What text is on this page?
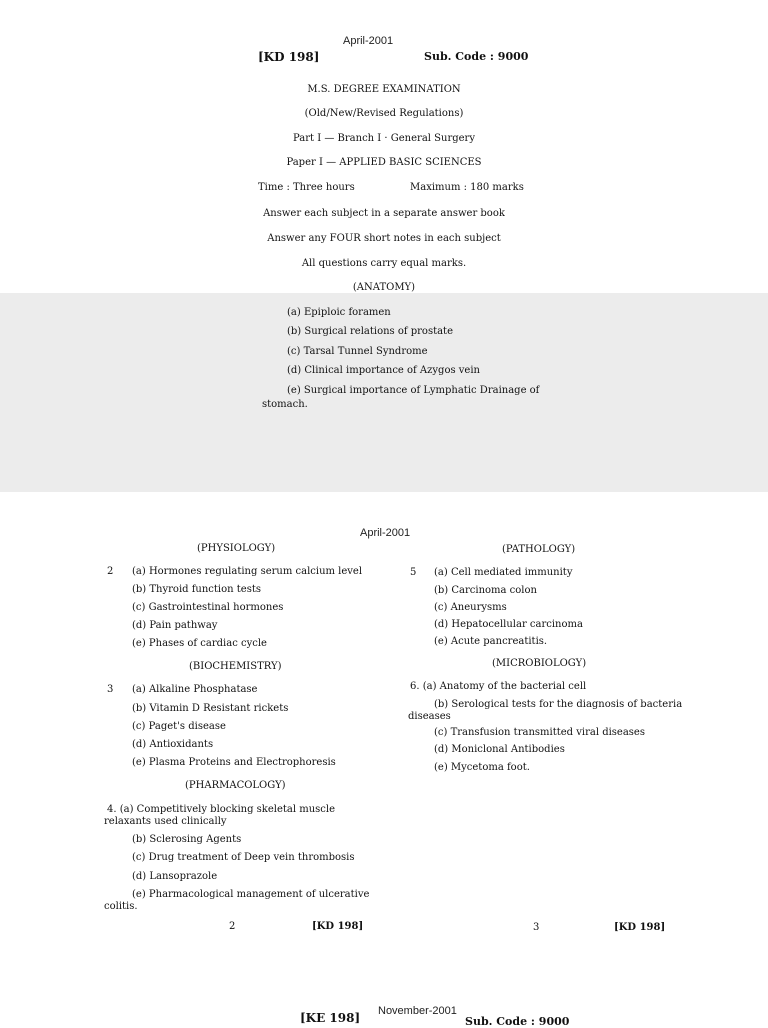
April-2001
[KD 198]	Sub. Code : 9000
M.S. DEGREE EXAMINATION
(Old/New/Revised Regulations)
Part I — Branch I · General Surgery
Paper I — APPLIED BASIC SCIENCES
Time : Three hours	Maximum : 180 marks
Answer each subject in a separate answer book
Answer any FOUR short notes in each subject
All questions carry equal marks.
(ANATOMY)
(a) Epiploic foramen
(b) Surgical relations of prostate
(c) Tarsal Tunnel Syndrome
(d) Clinical importance of Azygos vein
(e) Surgical importance of Lymphatic Drainage of
stomach.
April-2001
(PHYSIOLOGY)
2 (a) Hormones regulating serum calcium level
(b) Thyroid function tests
(c) Gastrointestinal hormones
(d) Pain pathway
(e) Phases of cardiac cycle
(BIOCHEMISTRY)
3 (a) Alkaline Phosphatase
(b) Vitamin D Resistant rickets
(c) Paget's disease
(d) Antioxidants
(e) Plasma Proteins and Electrophoresis
(PHARMACOLOGY)
4. (a) Competitively blocking skeletal muscle
relaxants used clinically
(b) Sclerosing Agents
(c) Drug treatment of Deep vein thrombosis
(d) Lansoprazole
(e) Pharmacological management of ulcerative
colitis.
2	[KD 198]
(PATHOLOGY)
5 (a) Cell mediated immunity
(b) Carcinoma colon
(c) Aneurysms
(d) Hepatocellular carcinoma
(e) Acute pancreatitis.
(MICROBIOLOGY)
6. (a) Anatomy of the bacterial cell
(b) Serological tests for the diagnosis of bacteria
diseases
(c) Transfusion transmitted viral diseases
(d) Moniclonal Antibodies
(e) Mycetoma foot.
3	[KD 198]
November-2001
[KE 198]	Sub. Code : 9000
